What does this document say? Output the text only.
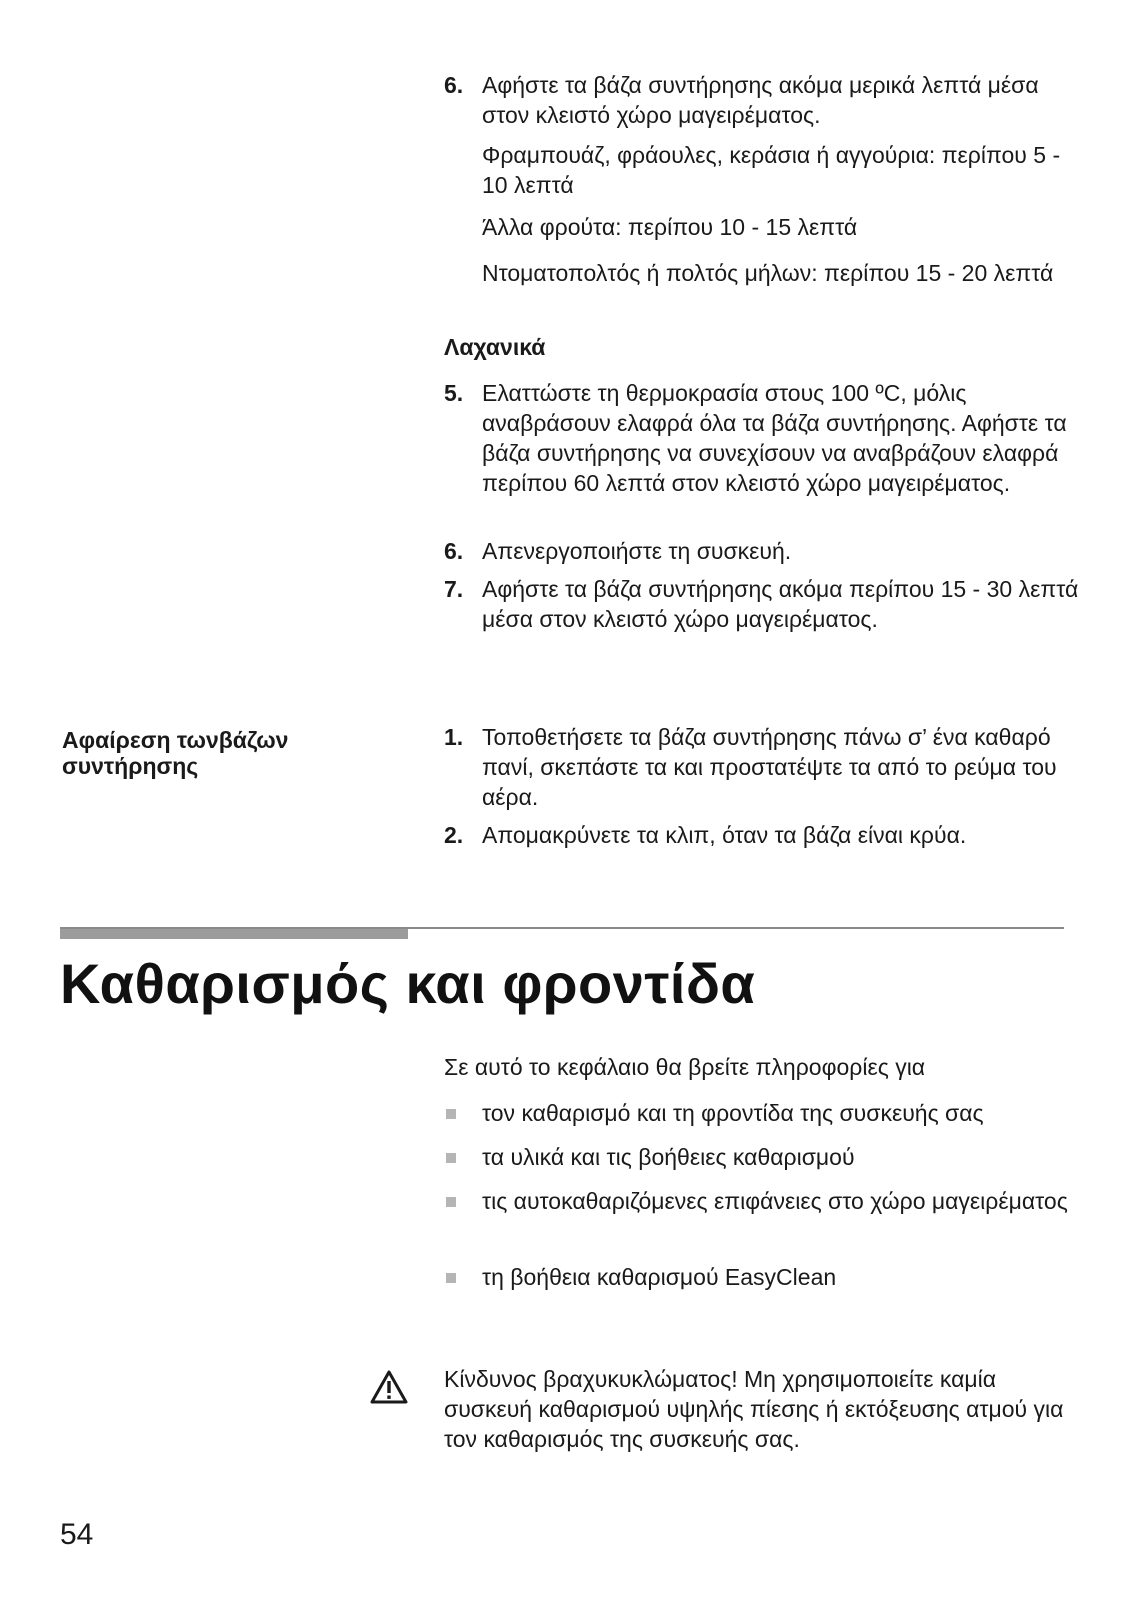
6. Αφήστε τα βάζα συντήρησης ακόμα μερικά λεπτά μέσα στον κλειστό χώρο μαγειρέματος.
Φραμπουάζ, φράουλες, κεράσια ή αγγούρια: περίπου 5 - 10 λεπτά
Άλλα φρούτα: περίπου 10 - 15 λεπτά
Ντοματοπολτός ή πολτός μήλων: περίπου 15 - 20 λεπτά
Λαχανικά
5. Ελαττώστε τη θερμοκρασία στους 100 ºC, μόλις αναβράσουν ελαφρά όλα τα βάζα συντήρησης. Αφήστε τα βάζα συντήρησης να συνεχίσουν να αναβράζουν ελαφρά περίπου 60 λεπτά στον κλειστό χώρο μαγειρέματος.
6. Απενεργοποιήστε τη συσκευή.
7. Αφήστε τα βάζα συντήρησης ακόμα περίπου 15 - 30 λεπτά μέσα στον κλειστό χώρο μαγειρέματος.
Αφαίρεση τωνβάζων συντήρησης
1. Τοποθετήσετε τα βάζα συντήρησης πάνω σ’ ένα καθαρό πανί, σκεπάστε τα και προστατέψτε τα από το ρεύμα του αέρα.
2. Απομακρύνετε τα κλιπ, όταν τα βάζα είναι κρύα.
Καθαρισμός και φροντίδα
Σε αυτό το κεφάλαιο θα βρείτε πληροφορίες για
τον καθαρισμό και τη φροντίδα της συσκευής σας
τα υλικά και τις βοήθειες καθαρισμού
τις αυτοκαθαριζόμενες επιφάνειες στο χώρο μαγειρέματος
τη βοήθεια καθαρισμού EasyClean
Κίνδυνος βραχυκυκλώματος! Μη χρησιμοποιείτε καμία συσκευή καθαρισμού υψηλής πίεσης ή εκτόξευσης ατμού για τον καθαρισμός της συσκευής σας.
54
